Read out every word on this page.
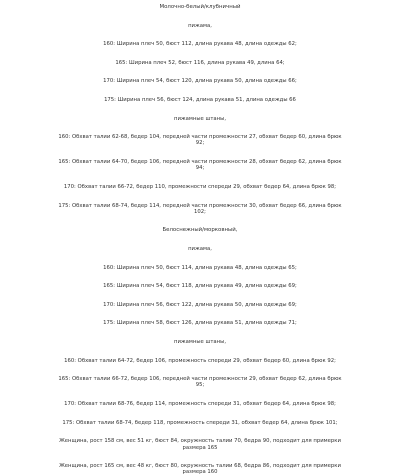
Молочно-белый/клубничный
пижама,
160: Ширина плеч 50, бюст 112, длина рукава 48, длина одежды 62;
165: Ширина плеч 52, бюст 116, длина рукава 49, длина 64;
170: Ширина плеч 54, бюст 120, длина рукава 50, длина одежды 66;
175: Ширина плеч 56, бюст 124, длина рукава 51, длина одежды 66
пижамные штаны,
160: Обхват талии 62-68, бедер 104, передней части промежности 27, обхват бедер 60, длина брюк 92;
165: Обхват талии 64-70, бедер 106, передней части промежности 28, обхват бедер 62, длина брюк 94;
170: Обхват талии 66-72, бедер 110, промежности спереди 29, обхват бедер 64, длина брюк 98;
175: Обхват талии 68-74, бедер 114, передней части промежности 30, обхват бедер 66, длина брюк 102;
Белоснежный/морковный,
пижама,
160: Ширина плеч 50, бюст 114, длина рукава 48, длина одежды 65;
165: Ширина плеч 54, бюст 118, длина рукава 49, длина одежды 69;
170: Ширина плеч 56, бюст 122, длина рукава 50, длина одежды 69;
175: Ширина плеч 58, бюст 126, длина рукава 51, длина одежды 71;
пижамные штаны,
160: Обхват талии 64-72, бедер 106, промежность спереди 29, обхват бедер 60, длина брюк 92;
165: Обхват талии 66-72, бедер 106, передней части промежности 29, обхват бедер 62, длина брюк 95;
170: Обхват талии 68-76, бедер 114, промежность спереди 31, обхват бедер 64, длина брюк 98;
175: Обхват талии 68-74, бедер 118, промежность спереди 31, обхват бедер 64, длина брюк 101;
Женщина, рост 158 см, вес 51 кг, бюст 84, окружность талии 70, бедра 90, подходит для примерки размера 165
Женщина, рост 165 см, вес 48 кг, бюст 80, окружность талии 68, бедра 86, подходит для примерки размера 160
